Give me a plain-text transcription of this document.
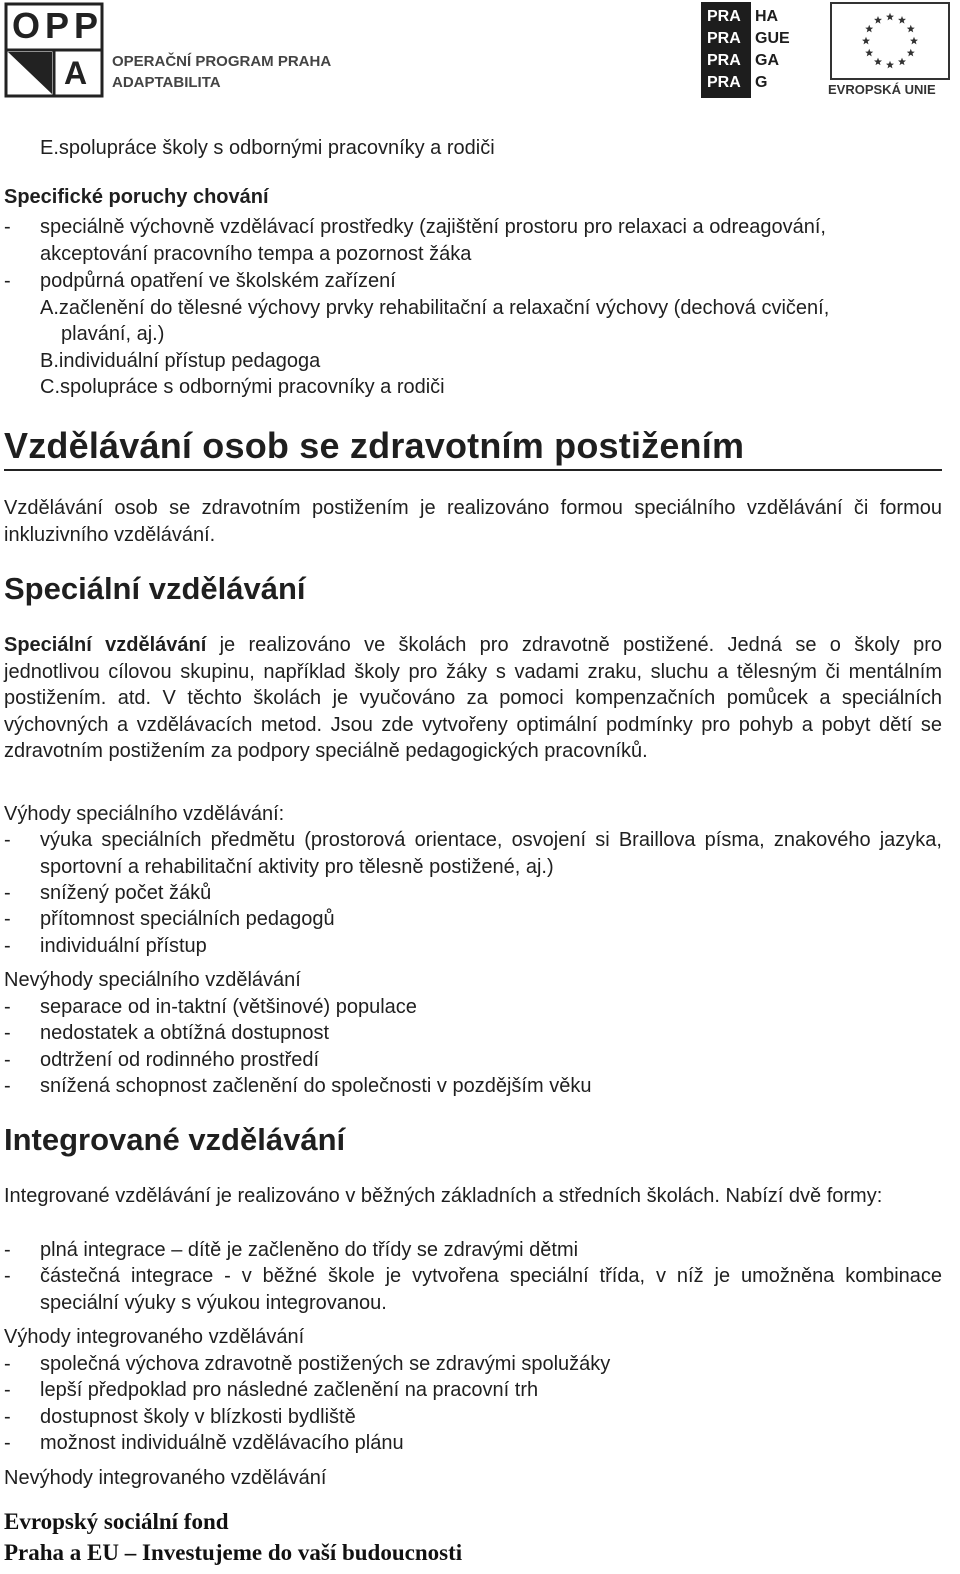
OPP
A OPERAČNÍ PROGRAM PRAHA
ADAPTABILITA
PRA
PRA
PRA
PRA
HA
GUE
GA
G	EVROPSKÁ UNIE
E.spolupráce školy s odbornými pracovníky a rodiči
Specifické poruchy chování
- speciálně výchovně vzdělávací prostředky (zajištění prostoru pro relaxaci a odreagování,
akceptování pracovního tempa a pozornost žáka
- podpůrná opatření ve školském zařízení
A.začlenění do tělesné výchovy prvky rehabilitační a relaxační výchovy (dechová cvičení,
plavání, aj.)
B.individuální přístup pedagoga
C.spolupráce s odbornými pracovníky a rodiči
Vzdělávání osob se zdravotním postižením
Vzdělávání osob se zdravotním postižením je realizováno formou speciálního vzdělávání či formou inkluzivního vzdělávání.
Speciální vzdělávání
Speciální vzdělávání je realizováno ve školách pro zdravotně postižené. Jedná se o školy pro jednotlivou cílovou skupinu, například školy pro žáky s vadami zraku, sluchu a tělesným či mentálním postižením. atd. V těchto školách je vyučováno za pomoci kompenzačních pomůcek a speciálních výchovných a vzdělávacích metod. Jsou zde vytvořeny optimální podmínky pro pohyb a pobyt dětí se zdravotním postižením za podpory speciálně pedagogických pracovníků.
Výhody speciálního vzdělávání:
- výuka speciálních předmětu (prostorová orientace, osvojení si Braillova písma, znakového jazyka, sportovní a rehabilitační aktivity pro tělesně postižené, aj.)
- snížený počet žáků
- přítomnost speciálních pedagogů
- individuální přístup
Nevýhody speciálního vzdělávání
- separace od in-taktní (většinové) populace
- nedostatek a obtížná dostupnost
- odtržení od rodinného prostředí
- snížená schopnost začlenění do společnosti v pozdějším věku
Integrované vzdělávání
Integrované vzdělávání je realizováno v běžných základních a středních školách. Nabízí dvě formy:
- plná integrace – dítě je začleněno do třídy se zdravými dětmi
- částečná integrace - v běžné škole je vytvořena speciální třída, v níž je umožněna kombinace speciální výuky s výukou integrovanou.
Výhody integrovaného vzdělávání
- společná výchova zdravotně postižených se zdravými spolužáky
- lepší předpoklad pro následné začlenění na pracovní trh
- dostupnost školy v blízkosti bydliště
- možnost individuálně vzdělávacího plánu
Nevýhody integrovaného vzdělávání
Evropský sociální fond
Praha a EU – Investujeme do vaší budoucnosti
